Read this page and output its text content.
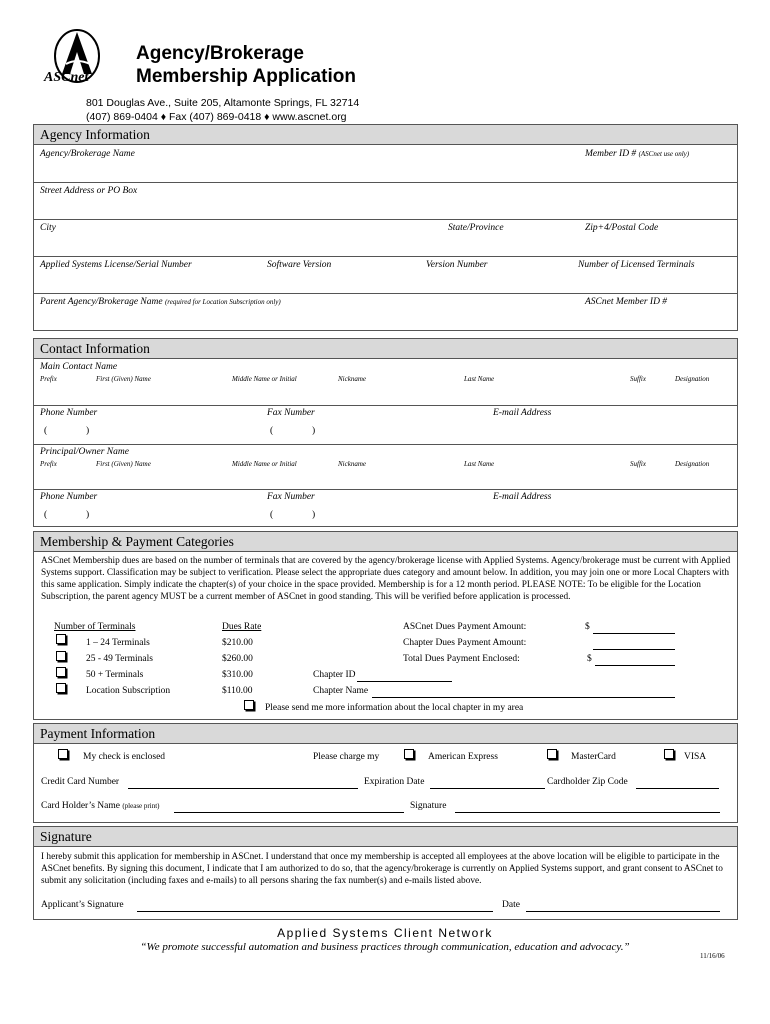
ASCnet
Agency/Brokerage
Membership Application
801 Douglas Ave., Suite 205, Altamonte Springs, FL 32714
(407) 869-0404 ♦ Fax (407) 869-0418 ♦ www.ascnet.org
Agency Information
Agency/Brokerage Name	Member ID # (ASCnet use only)
Street Address or PO Box
City	State/Province	Zip+4/Postal Code
Applied Systems License/Serial Number	Software Version	Version Number	Number of Licensed Terminals
Parent Agency/Brokerage Name (required for Location Subscription only)	ASCnet Member ID #
Contact Information
Main Contact Name
Prefix	First (Given) Name	Middle Name or Initial	Nickname	Last Name	Suffix	Designation
Phone Number	Fax Number	E-mail Address
(	)	(	)
Principal/Owner Name
Prefix	First (Given) Name	Middle Name or Initial	Nickname	Last Name	Suffix	Designation
Phone Number	Fax Number	E-mail Address
(	)	(	)
Membership & Payment Categories
ASCnet Membership dues are based on the number of terminals that are covered by the agency/brokerage license with Applied Systems. Agency/brokerage must be current with Applied Systems support. Classification may be subject to verification. Please select the appropriate dues category and amount below. In addition, you may join one or more Local Chapters with this same application. Simply indicate the chapter(s) of your choice in the space provided. Membership is for a 12 month period. PLEASE NOTE: To be eligible for the Location Subscription, the parent agency MUST be a current member of ASCnet in good standing. This will be verified before application is processed.
Number of Terminals	Dues Rate
1 – 24 Terminals	$210.00
25 - 49 Terminals	$260.00
50 + Terminals	$310.00
Location Subscription	$110.00
ASCnet Dues Payment Amount:	$
Chapter Dues Payment Amount:
Total Dues Payment Enclosed:	$
Chapter ID
Chapter Name
Please send me more information about the local chapter in my area
Payment Information
My check is enclosed	Please charge my	American Express	MasterCard	VISA
Credit Card Number	Expiration Date	Cardholder Zip Code
Card Holder’s Name (please print)	Signature
Signature
I hereby submit this application for membership in ASCnet. I understand that once my membership is accepted all employees at the above location will be eligible to participate in the ASCnet benefits. By signing this document, I indicate that I am authorized to do so, that the agency/brokerage is currently on Applied Systems support, and grant consent to ASCnet to submit any solicitation (including faxes and e-mails) to all persons sharing the fax number(s) and e-mails listed above.
Applicant’s Signature	Date
Applied Systems Client Network
“We promote successful automation and business practices through communication, education and advocacy.”
11/16/06
